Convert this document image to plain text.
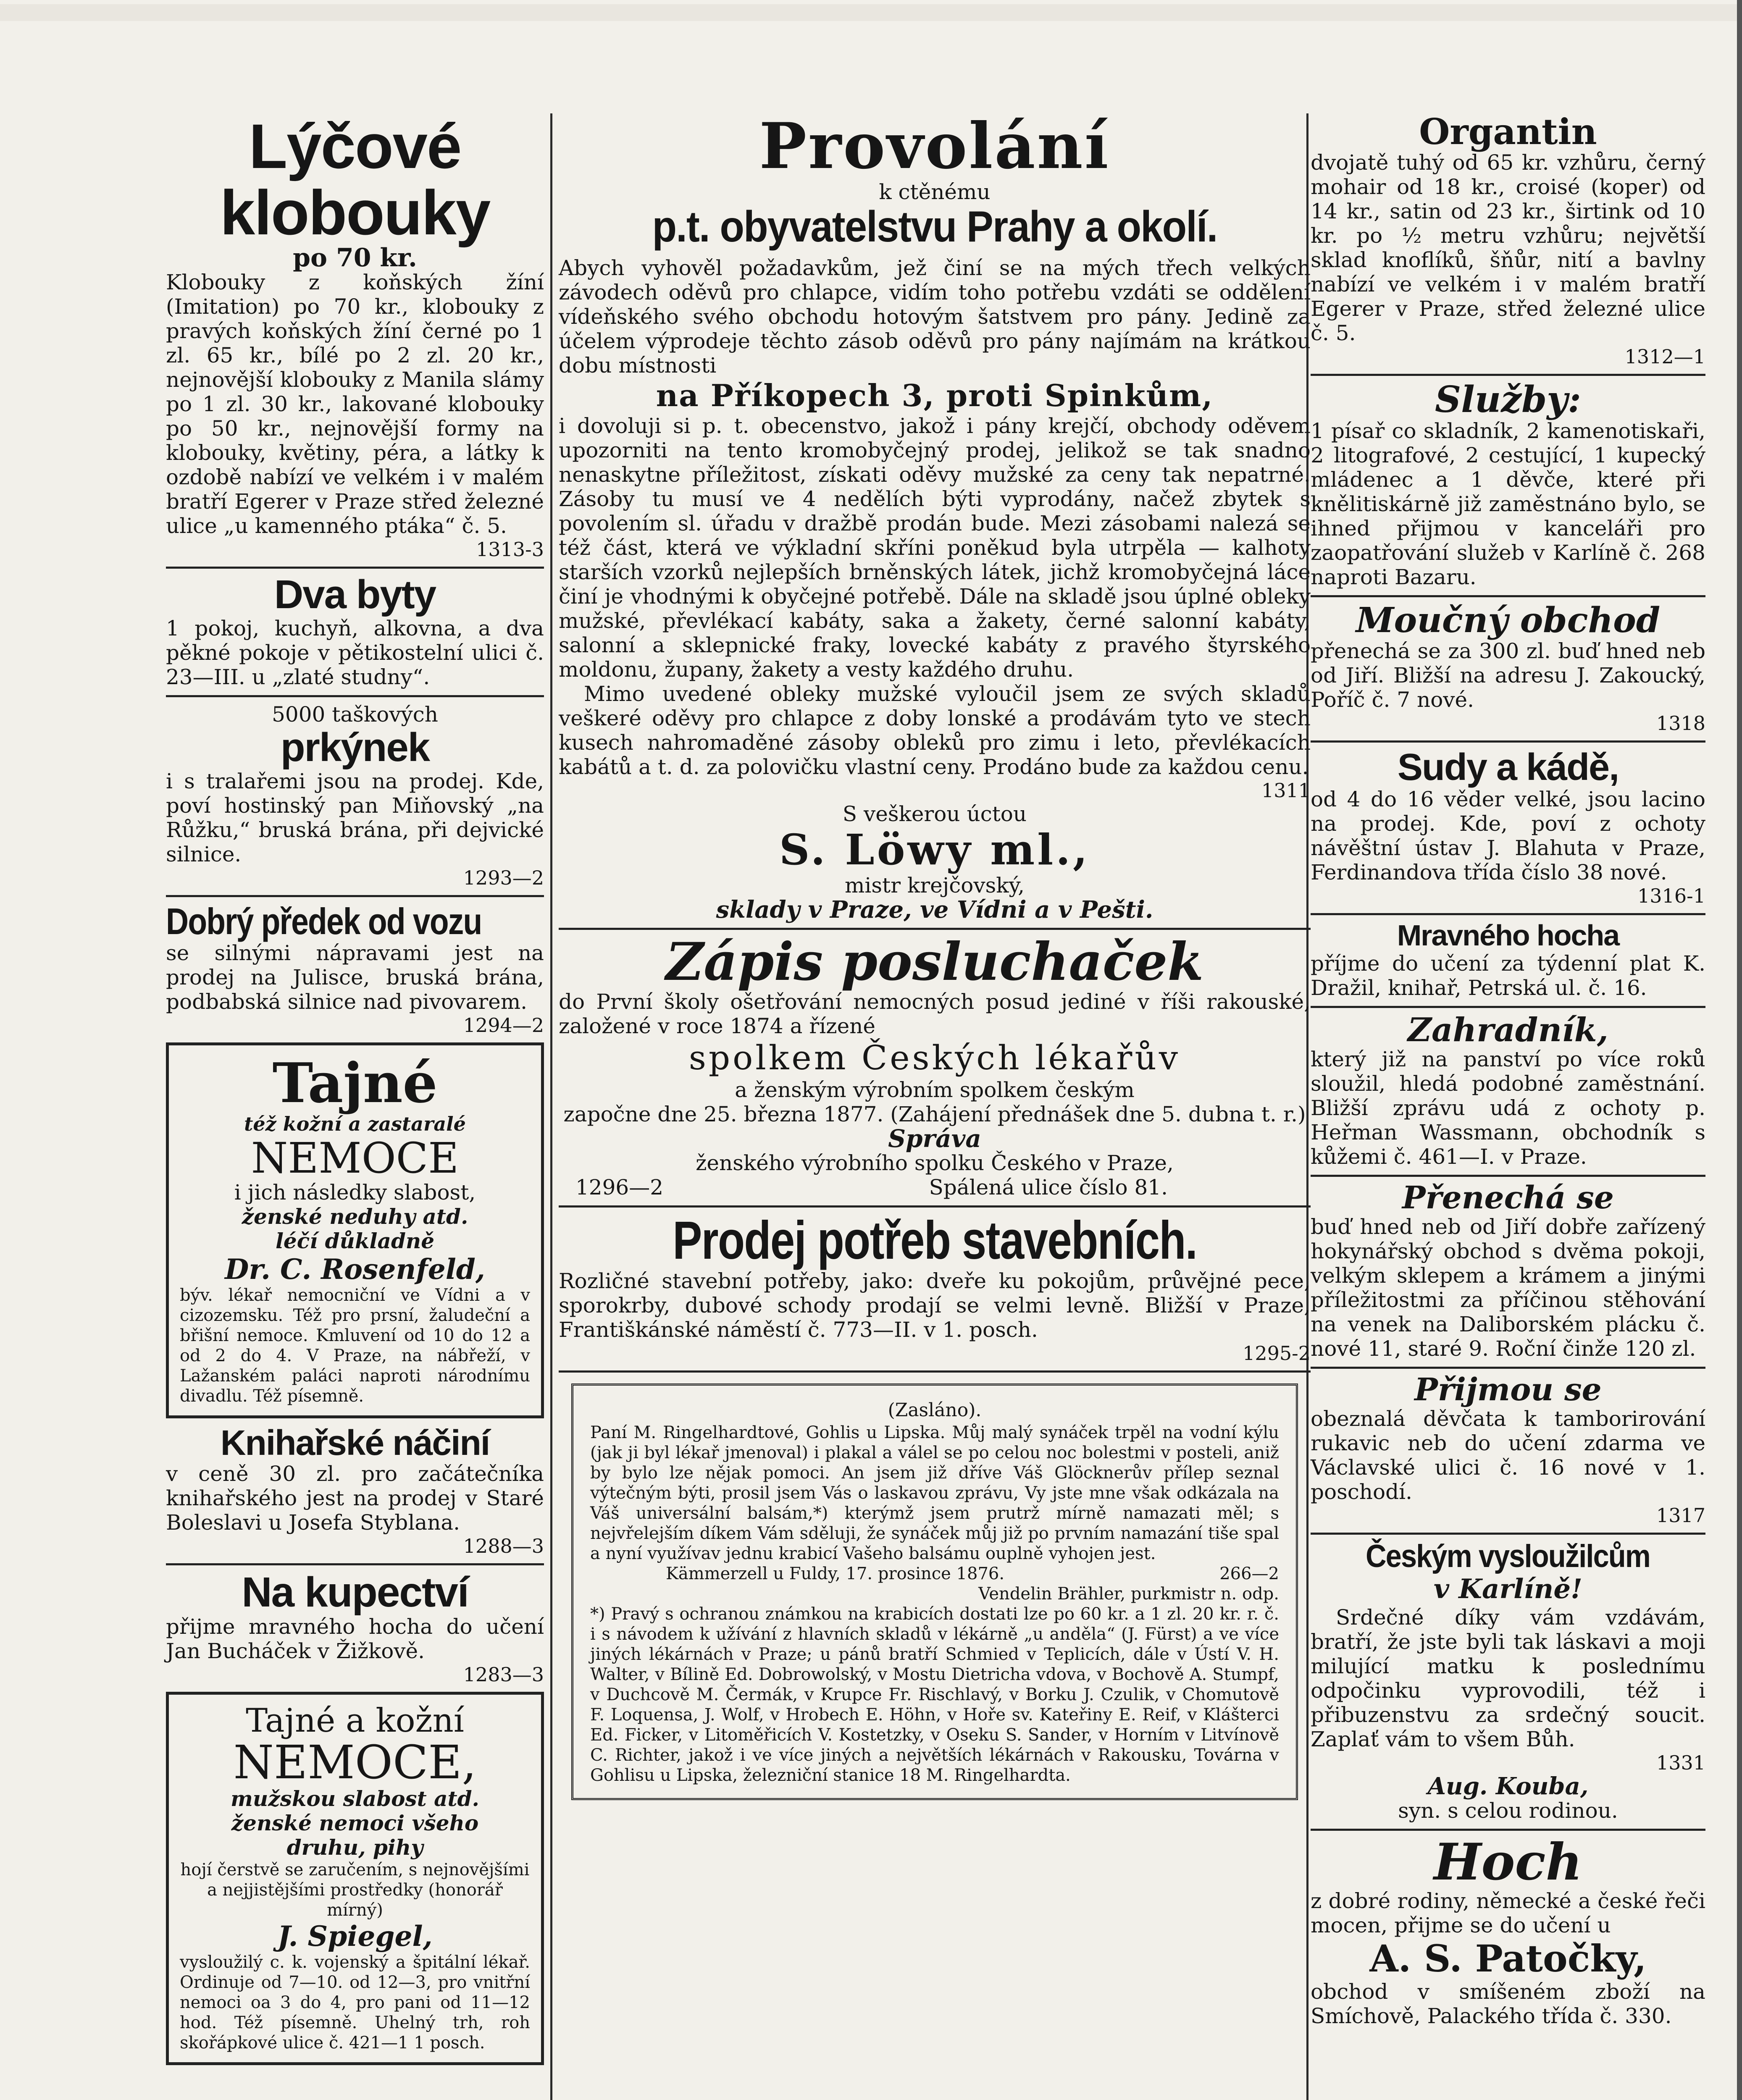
Lýčové klobouky

po 70 kr.

Klobouky z koňských žíní (Imitation) po 70 kr., klobouky z pravých koňských žíní černé po 1 zl. 65 kr., bílé po 2 zl. 20 kr., nejnovější klobouky z Manila slámy po 1 zl. 30 kr., lakované klobouky po 50 kr., nejnovější formy na klobouky, květiny, péra, a látky k ozdobě nabízí ve velkém i v malém bratří Egerer v Praze střed železné ulice „u kamenného ptáka“ č. 5.

1313-3
Dva byty

1 pokoj, kuchyň, alkovna, a dva pěkné pokoje v pětikostelní ulici č. 23—III. u „zlaté studny“.

5000 taškových

prkýnek

i s tralařemi jsou na prodej. Kde, poví hostinský pan Miňovský „na Růžku,“ bruská brána, při dejvické silnice.

1293—2
Dobrý předek od vozu

se silnými nápravami jest na prodej na Julisce, bruská brána, podbabská silnice nad pivovarem.

1294—2
Tajné

též kožní a zastaralé

NEMOCE

i jich následky slabost,

ženské neduhy atd.

léčí důkladně

Dr. C. Rosenfeld,

býv. lékař nemocniční ve Vídni a v cizozemsku. Též pro prsní, žaludeční a břišní nemoce. Kmluvení od 10 do 12 a od 2 do 4. V Praze, na nábřeží, v Lažanském paláci naproti národnímu divadlu. Též písemně.

Knihařské náčiní

v ceně 30 zl. pro začátečníka knihařského jest na prodej v Staré Boleslavi u Josefa Styblana.

1288—3
Na kupectví

přijme mravného hocha do učení Jan Bucháček v Žižkově.

1283—3
Tajné a kožní
NEMOCE,

mužskou slabost atd.

ženské nemoci všeho

druhu, pihy

hojí čerstvě se zaručením, s nejnovějšími a nejjistějšími prostředky (honorář mírný)

J. Spiegel,

vysloužilý c. k. vojenský a špitální lékař. Ordinuje od 7—10. od 12—3, pro vnitřní nemoci oa 3 do 4, pro pani od 11—12 hod. Též písemně. Uhelný trh, roh skořápkové ulice č. 421—1 1 posch.

Provolání

k ctěnému

p.t. obyvatelstvu Prahy a okolí.

Abych vyhověl požadavkům, jež činí se na mých třech velkých závodech oděvů pro chlapce, vidím toho potřebu vzdáti se oddělení vídeňského svého obchodu hotovým šatstvem pro pány. Jedině za účelem výprodeje těchto zásob oděvů pro pány najímám na krátkou dobu místnosti

na Příkopech 3, proti Spinkům,

i dovoluji si p. t. obecenstvo, jakož i pány krejčí, obchody oděvem upozorniti na tento kromobyčejný prodej, jelikož se tak snadno nenaskytne příležitost, získati oděvy mužské za ceny tak nepatrné. Zásoby tu musí ve 4 nedělích býti vyprodány, načež zbytek s povolením sl. úřadu v dražbě prodán bude. Mezi zásobami nalezá se též část, která ve výkladní skříni poněkud byla utrpěla — kalhoty starších vzorků nejlepších brněnských látek, jichž kromobyčejná láce činí je vhodnými k obyčejné potřebě. Dále na skladě jsou úplné obleky mužské, převlékací kabáty, saka a žakety, černé salonní kabáty, salonní a sklepnické fraky, lovecké kabáty z pravého štyrského moldonu, župany, žakety a vesty každého druhu.

Mimo uvedené obleky mužské vyloučil jsem ze svých skladů veškeré oděvy pro chlapce z doby lonské a prodávám tyto ve stech kusech nahromaděné zásoby obleků pro zimu i leto, převlékacích kabátů a t. d. za polovičku vlastní ceny. Prodáno bude za každou cenu.

1311

S veškerou úctou

S. Löwy ml.,

mistr krejčovský,

sklady v Praze, ve Vídni a v Pešti.

Zápis posluchaček

do První školy ošetřování nemocných posud jediné v říši rakouské, založené v roce 1874 a řízené

spolkem Českých lékařův

a ženským výrobním spolkem českým

započne dne 25. března 1877. (Zahájení přednášek dne 5. dubna t. r.)

Správa

ženského výrobního spolku Českého v Praze,

1296—2	Spálená ulice číslo 81.

Prodej potřeb stavebních.

Rozličné stavební potřeby, jako: dveře ku pokojům, průvějné pece, sporokrby, dubové schody prodají se velmi levně. Bližší v Praze, Františkánské náměstí č. 773—II. v 1. posch.

1295-2

(Zasláno).

Paní M. Ringelhardtové, Gohlis u Lipska. Můj malý synáček trpěl na vodní kýlu (jak ji byl lékař jmenoval) i plakal a válel se po celou noc bolestmi v posteli, aniž by bylo lze nějak pomoci. An jsem již dříve Váš Glöcknerův přílep seznal výtečným býti, prosil jsem Vás o laskavou zprávu, Vy jste mne však odkázala na Váš universální balsám,*) kterýmž jsem prutrž mírně namazati měl; s nejvřelejším díkem Vám sděluji, že synáček můj již po prvním namazání tiše spal a nyní využívav jednu krabicí Vašeho balsámu ouplně vyhojen jest.

Kämmerzell u Fuldy, 17. prosince 1876.	266—2

Vendelin Brähler, purkmistr n. odp.

*) Pravý s ochranou známkou na krabicích dostati lze po 60 kr. a 1 zl. 20 kr. r. č. i s návodem k užívání z hlavních skladů v lékárně „u anděla“ (J. Fürst) a ve více jiných lékárnách v Praze; u pánů bratří Schmied v Teplicích, dále v Ústí V. H. Walter, v Bílině Ed. Dobrowolský, v Mostu Dietricha vdova, v Bochově A. Stumpf, v Duchcově M. Čermák, v Krupce Fr. Rischlavý, v Borku J. Czulik, v Chomutově F. Loquensa, J. Wolf, v Hrobech E. Höhn, v Hoře sv. Kateřiny E. Reif, v Klášterci Ed. Ficker, v Litoměřicích V. Kostetzky, v Oseku S. Sander, v Horním v Litvínově C. Richter, jakož i ve více jiných a největších lékárnách v Rakousku, Továrna v Gohlisu u Lipska, železniční stanice 18 M. Ringelhardta.

Organtin

dvojatě tuhý od 65 kr. vzhůru, černý mohair od 18 kr., croisé (koper) od 14 kr., satin od 23 kr., širtink od 10 kr. po ½ metru vzhůru; největší sklad knoflíků, šňůr, nití a bavlny nabízí ve velkém i v malém bratří Egerer v Praze, střed železné ulice č. 5.

1312—1
Služby:

1 písař co skladník, 2 kamenotiskaři, 2 litografové, 2 cestující, 1 kupecký mládenec a 1 děvče, které při knělitiskárně již zaměstnáno bylo, se ihned přijmou v kanceláři pro zaopatřování služeb v Karlíně č. 268 naproti Bazaru.

Moučný obchod

přenechá se za 300 zl. buď hned neb od Jiří. Bližší na adresu J. Zakoucký, Poříč č. 7 nové.

1318
Sudy a kádě,

od 4 do 16 věder velké, jsou lacino na prodej. Kde, poví z ochoty návěštní ústav J. Blahuta v Praze, Ferdinandova třída číslo 38 nové.

1316-1
Mravného hocha

příjme do učení za týdenní plat K. Dražil, knihař, Petrská ul. č. 16.

Zahradník,

který již na panství po více roků sloužil, hledá podobné zaměstnání. Bližší zprávu udá z ochoty p. Heřman Wassmann, obchodník s kůžemi č. 461—I. v Praze.

Přenechá se

buď hned neb od Jiří dobře zařízený hokynářský obchod s dvěma pokoji, velkým sklepem a krámem a jinými příležitostmi za příčinou stěhování na venek na Daliborském plácku č. nové 11, staré 9. Roční činže 120 zl.

Přijmou se

obeznalá děvčata k tamborirování rukavic neb do učení zdarma ve Václavské ulici č. 16 nové v 1. poschodí.

1317
Českým vysloužilcům

v Karlíně!

Srdečné díky vám vzdávám, bratří, že jste byli tak láskavi a moji milující matku k poslednímu odpočinku vyprovodili, též i přibuzenstvu za srdečný soucit. Zaplať vám to všem Bůh.

1331

Aug. Kouba,

syn. s celou rodinou.

Hoch

z dobré rodiny, německé a české řeči mocen, přijme se do učení u

A. S. Patočky,

obchod v smíšeném zboží na Smíchově, Palackého třída č. 330.
